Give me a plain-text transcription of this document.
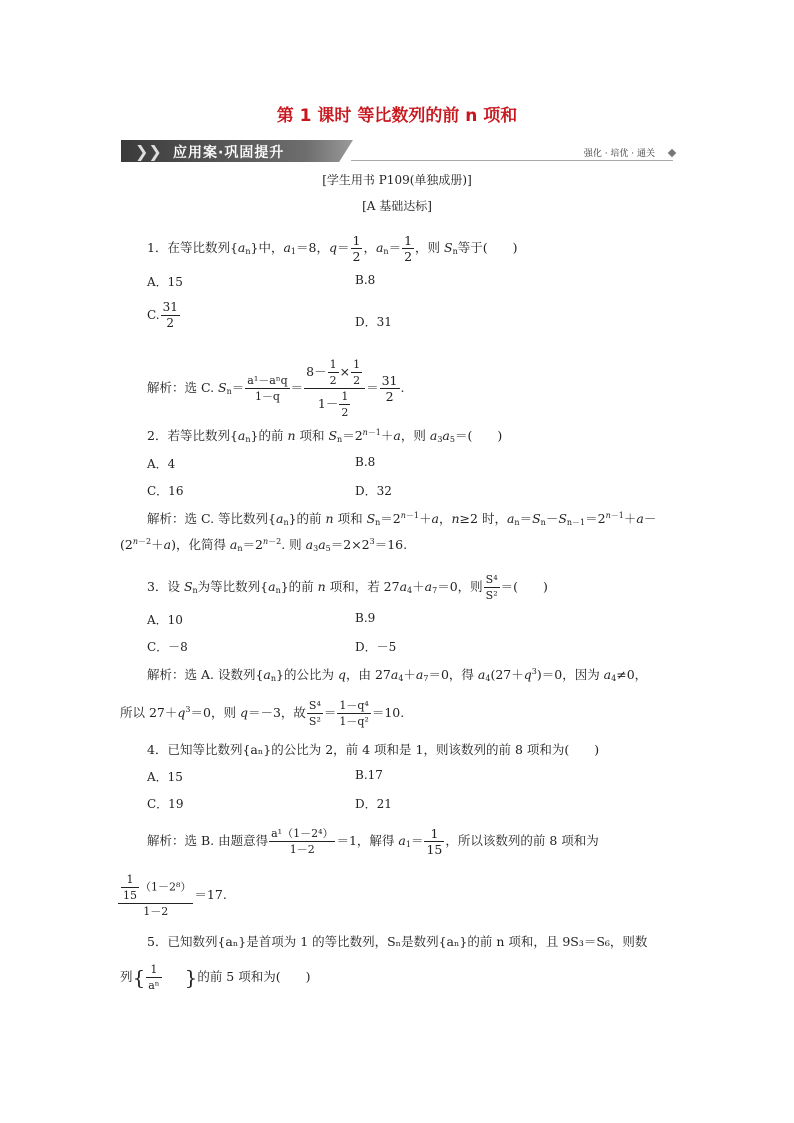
第 1 课时 等比数列的前 n 项和
❯❯ 应用案·巩固提升	强化 · 培优 · 通关
[学生用书 P109(单独成册)]
[A 基础达标]
1．在等比数列$\{a_n\}$中，$a_1=8$，$q= \frac{1}{2}$ ，$a_n= \frac{1}{2}$ ，则 $S_n$等于(　　)
A．15	B.8
C. $\frac{31}{2}$	D．31
解析：选 C. $S_n= \frac{\text{a¹－aⁿq}}{1-q} = \frac{8- \frac{1}{2} \times \frac{1}{2}}{1- \frac{1}{2}} = \frac{31}{2}$ .
2．若等比数列$\{a_n\}$的前 n 项和 $S_n=2^{n-1}+a$，则 $a_3a_5=$(　　)
A．4	B.8
C．16	D．32
解析：选 C. 等比数列$\{a_n\}$的前 n 项和 $S_n=2^{n-1}+a$，n≥2 时，$a_n=S_n-S_{n-1}=2^{n-1}+a-$
$(2^{n-2}+a)$，化简得 $a_n=2^{n-2}$. 则 $a_3a_5=2\times 2^3=16$.
3．设 $S_n$为等比数列$\{a_n\}$的前 n 项和，若 $27a_4+a_7=0$，则 $\frac{\text{S⁴}}{\text{S²}}$ ＝(　　)
A．10	B.9
C．－8	D．－5
解析：选 A. 设数列$\{a_n\}$的公比为 q，由 $27a_4+a_7=0$，得 $a_4(27+q^3)=0$，因为 $a_4\ne 0$，
所以 $27+q^3=0$，则 q＝－3，故 $\frac{\text{S⁴}}{\text{S²}} = \frac{\text{1－q⁴}}{\text{1－q²}} =10$.
4．已知等比数列{aₙ}的公比为 2，前 4 项和是 1，则该数列的前 8 项和为(　　)
A．15	B.17
C．19	D．21
解析：选 B. 由题意得 $\frac{\text{a¹（1－2⁴）}}{1-2} =1$，解得 $a_1= \frac{1}{15}$ ，所以该数列的前 8 项和为
$\frac{\frac{1}{15} (1-2^8)}{1-2} =17$.
5．已知数列{aₙ}是首项为 1 的等比数列，Sₙ是数列{aₙ}的前 n 项和，且 9S₃＝S₆，则数
列{ $\frac{1}{\text{aⁿ}}$ }的前 5 项和为(　　)
